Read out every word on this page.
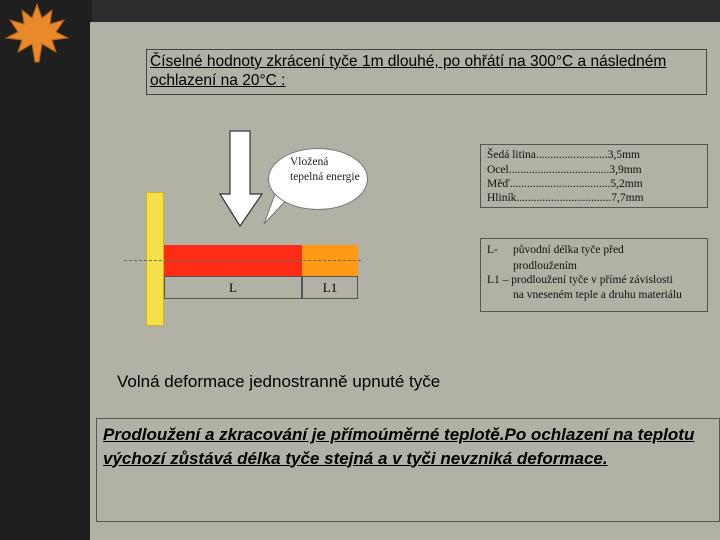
Číselné hodnoty zkrácení tyče 1m dlouhé, po ohřátí na 300°C a následném ochlazení na 20°C :
L	L1
Vložená tepelná energie
Šedá litina.........................3,5mm
Ocel...................................3,9mm
Měď...................................5,2mm
Hliník.................................7,7mm
L- původní délka tyče před
prodloužením
L1 – prodloužení tyče v přímé závislosti
na vneseném teple a druhu materiálu
Volná deformace jednostranně upnuté tyče
Prodloužení a zkracování je přímoúměrné teplotě.Po ochlazení na teplotu výchozí zůstává délka tyče stejná a v tyči nevzniká deformace.
